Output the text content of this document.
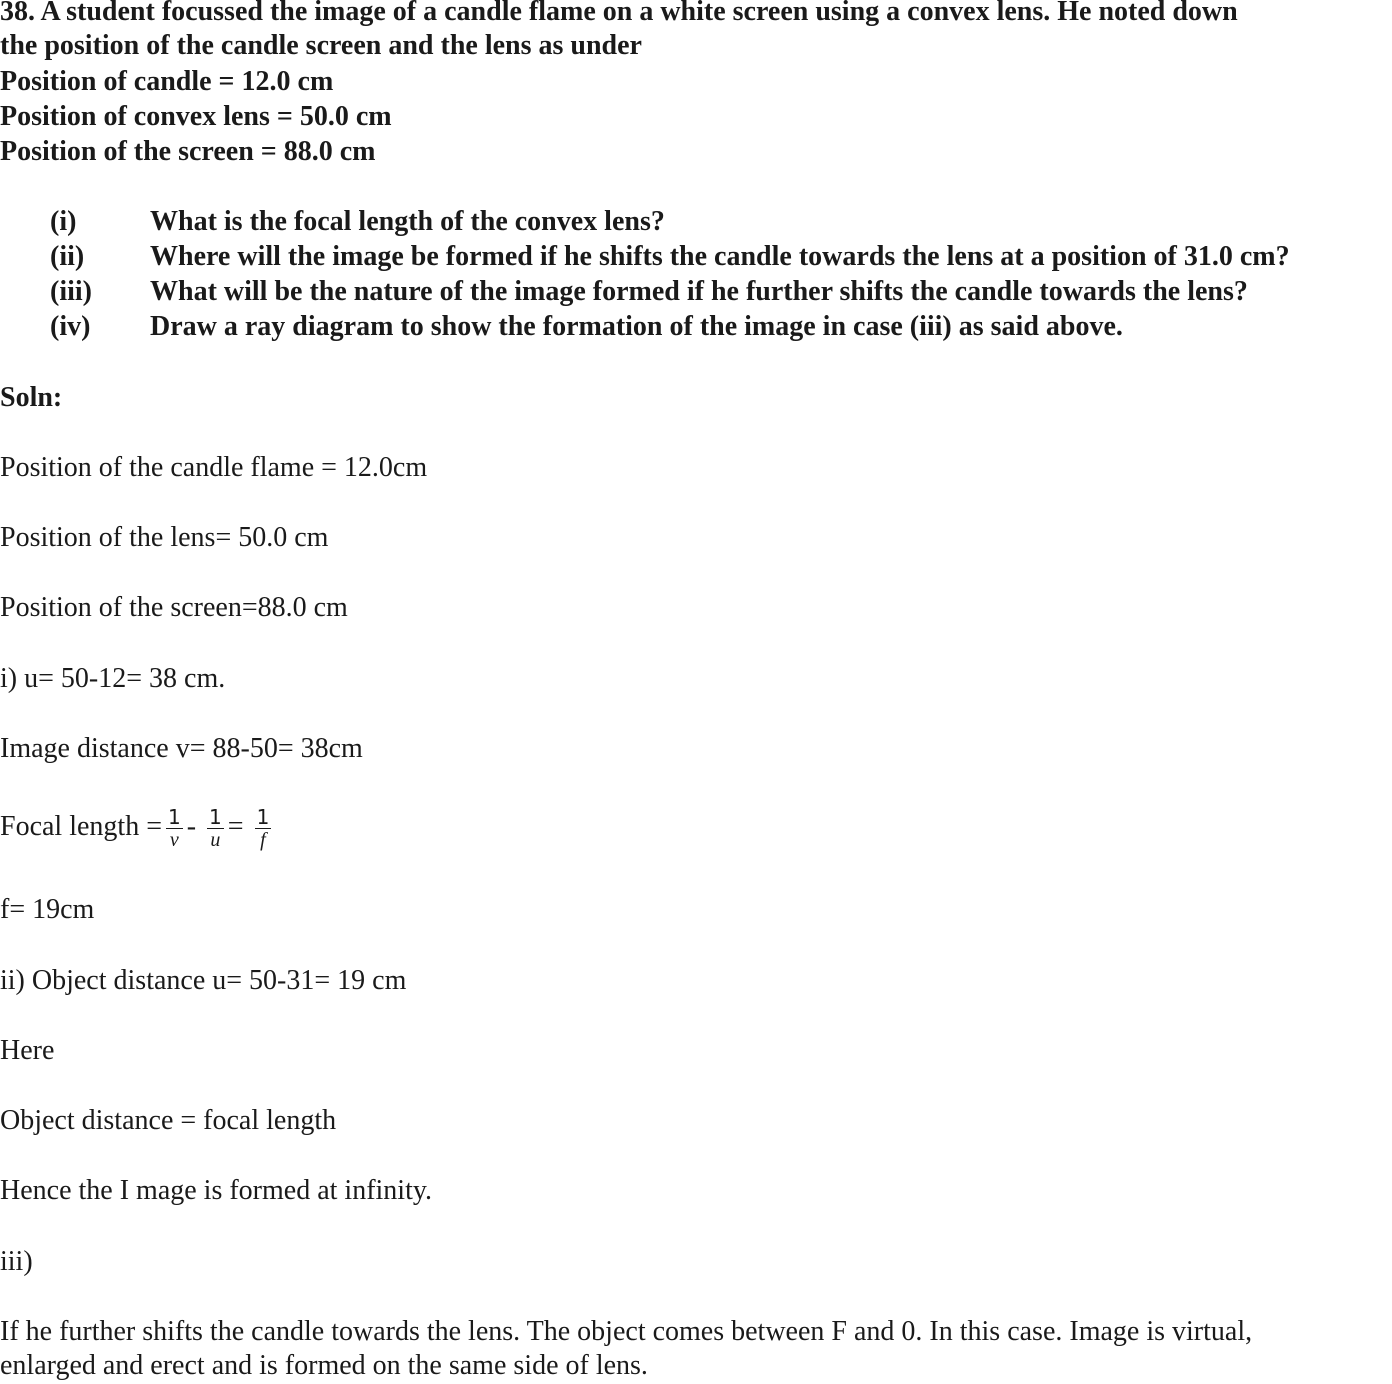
38. A student focussed the image of a candle flame on a white screen using a convex lens. He noted down
the position of the candle screen and the lens as under
Position of candle = 12.0 cm
Position of convex lens = 50.0 cm
Position of the screen = 88.0 cm
(i)	What is the focal length of the convex lens?
(ii) Where will the image be formed if he shifts the candle towards the lens at a position of 31.0 cm?
(iii) What will be the nature of the image formed if he further shifts the candle towards the lens?
(iv) Draw a ray diagram to show the formation of the image in case (iii) as said above.
Soln:
Position of the candle flame = 12.0cm
Position of the lens= 50.0 cm
Position of the screen=88.0 cm
i) u= 50-12= 38 cm.
Image distance v= 88-50= 38cm
Focal length = $\frac{1}{v} - \frac{1}{u} = \frac{1}{f}$
f= 19cm
ii) Object distance u= 50-31= 19 cm
Here
Object distance = focal length
Hence the I mage is formed at infinity.
iii)
If he further shifts the candle towards the lens. The object comes between F and 0. In this case. Image is virtual,
enlarged and erect and is formed on the same side of lens.
